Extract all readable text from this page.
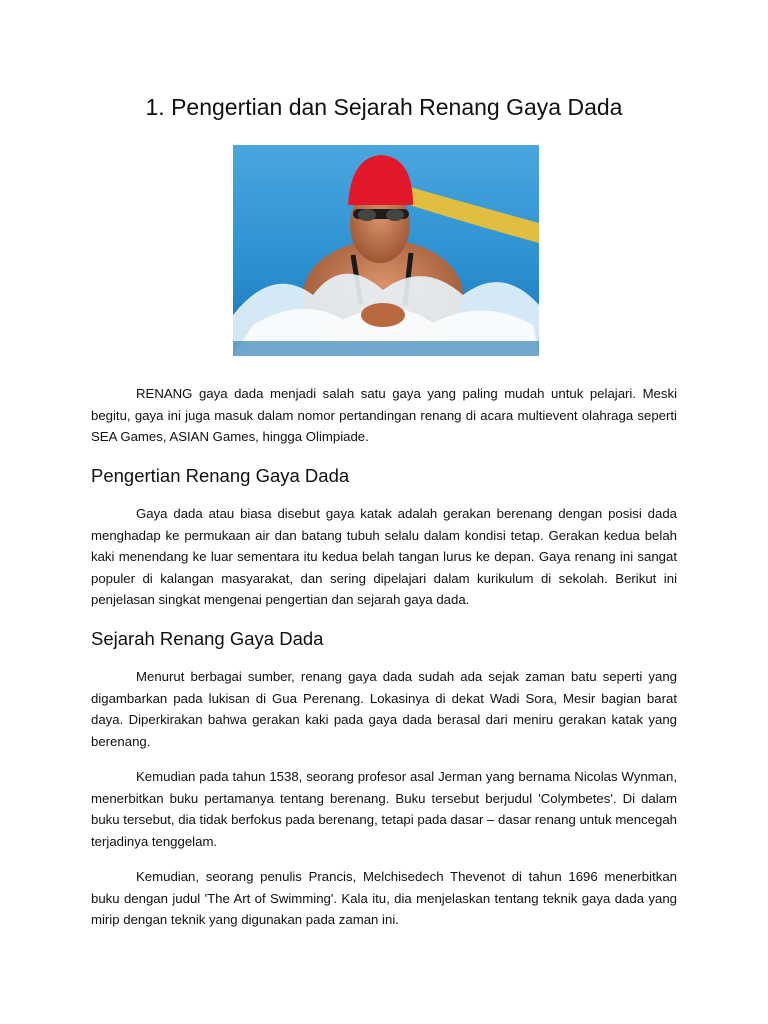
1. Pengertian dan Sejarah Renang Gaya Dada

RENANG gaya dada menjadi salah satu gaya yang paling mudah untuk pelajari. Meski begitu, gaya ini juga masuk dalam nomor pertandingan renang di acara multievent olahraga seperti SEA Games, ASIAN Games, hingga Olimpiade.

Pengertian Renang Gaya Dada

Gaya dada atau biasa disebut gaya katak adalah gerakan berenang dengan posisi dada menghadap ke permukaan air dan batang tubuh selalu dalam kondisi tetap. Gerakan kedua belah kaki menendang ke luar sementara itu kedua belah tangan lurus ke depan. Gaya renang ini sangat populer di kalangan masyarakat, dan sering dipelajari dalam kurikulum di sekolah. Berikut ini penjelasan singkat mengenai pengertian dan sejarah gaya dada.

Sejarah Renang Gaya Dada

Menurut berbagai sumber, renang gaya dada sudah ada sejak zaman batu seperti yang digambarkan pada lukisan di Gua Perenang. Lokasinya di dekat Wadi Sora, Mesir bagian barat daya. Diperkirakan bahwa gerakan kaki pada gaya dada berasal dari meniru gerakan katak yang berenang.

Kemudian pada tahun 1538, seorang profesor asal Jerman yang bernama Nicolas Wynman, menerbitkan buku pertamanya tentang berenang. Buku tersebut berjudul 'Colymbetes'. Di dalam buku tersebut, dia tidak berfokus pada berenang, tetapi pada dasar – dasar renang untuk mencegah terjadinya tenggelam.

Kemudian, seorang penulis Prancis, Melchisedech Thevenot di tahun 1696 menerbitkan buku dengan judul 'The Art of Swimming'. Kala itu, dia menjelaskan tentang teknik gaya dada yang mirip dengan teknik yang digunakan pada zaman ini.
